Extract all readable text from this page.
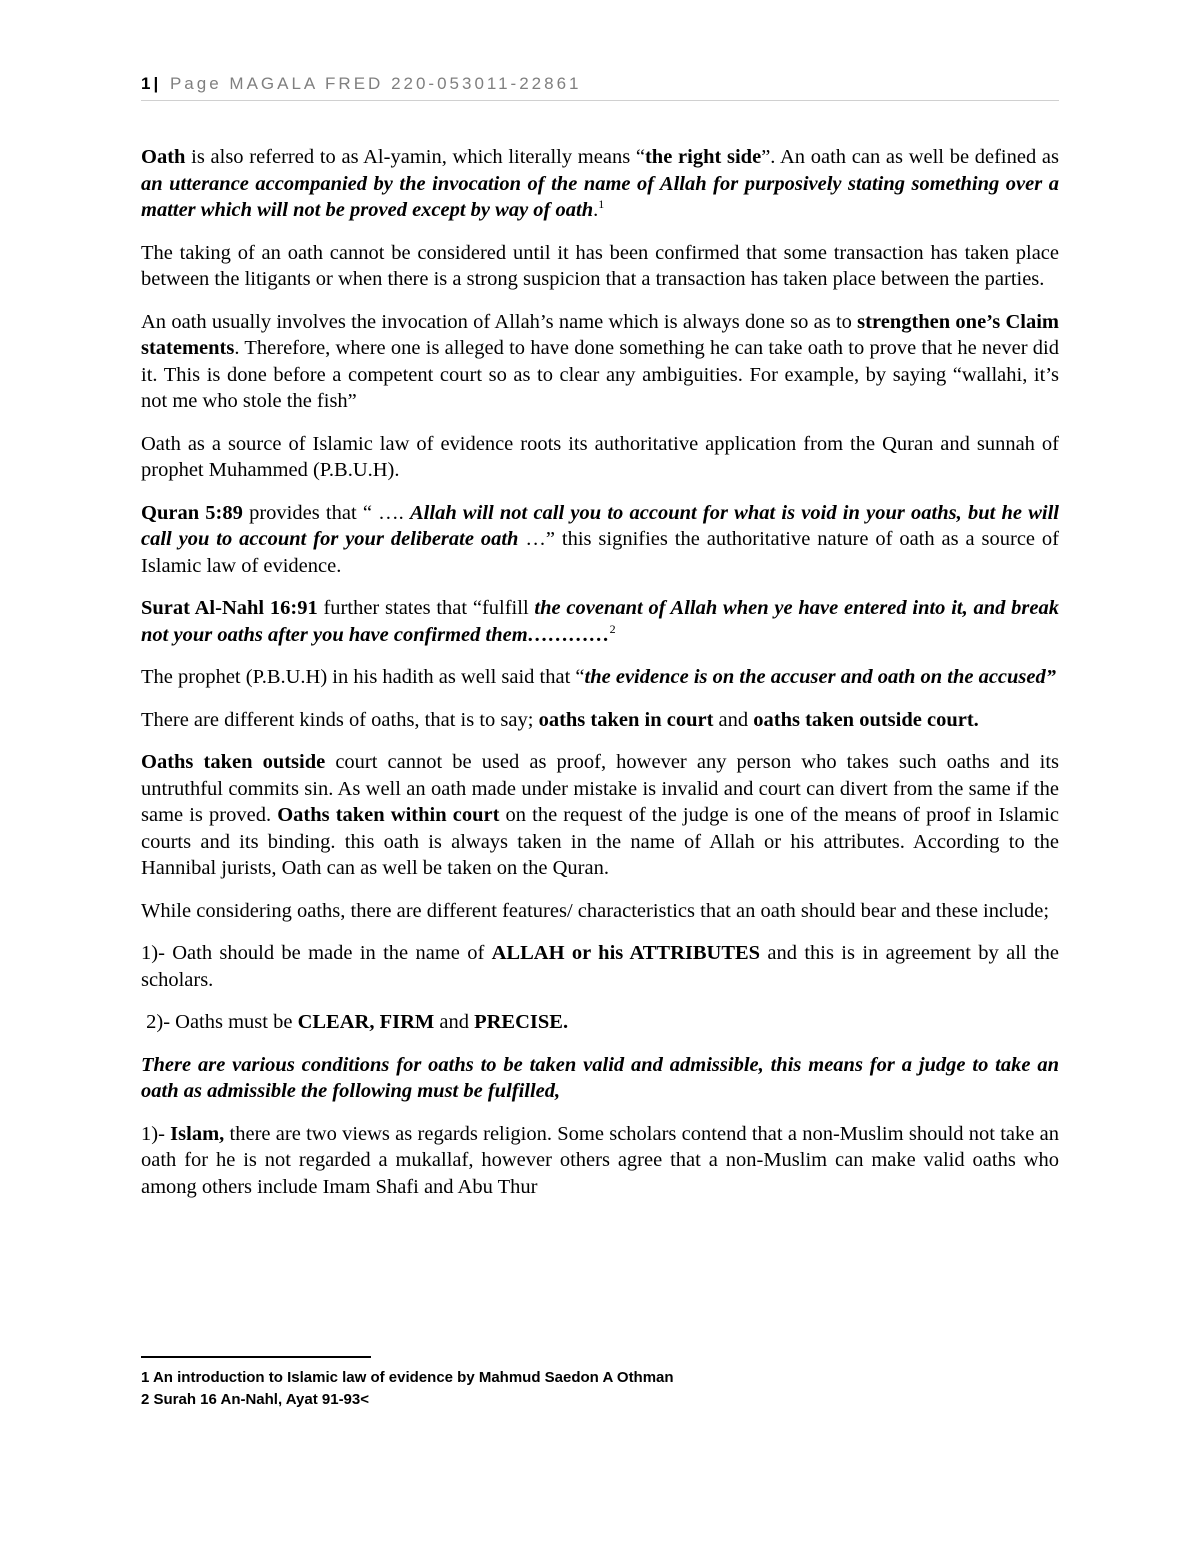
1 | Page MAGALA FRED 220-053011-22861

Oath is also referred to as Al-yamin, which literally means “the right side”. An oath can as well be defined as an utterance accompanied by the invocation of the name of Allah for purposively stating something over a matter which will not be proved except by way of oath.$^1$

The taking of an oath cannot be considered until it has been confirmed that some transaction has taken place between the litigants or when there is a strong suspicion that a transaction has taken place between the parties.

An oath usually involves the invocation of Allah’s name which is always done so as to strengthen one’s Claim statements. Therefore, where one is alleged to have done something he can take oath to prove that he never did it. This is done before a competent court so as to clear any ambiguities. For example, by saying “wallahi, it’s not me who stole the fish”

Oath as a source of Islamic law of evidence roots its authoritative application from the Quran and sunnah of prophet Muhammed (P.B.U.H).

Quran 5:89 provides that “ …. Allah will not call you to account for what is void in your oaths, but he will call you to account for your deliberate oath …” this signifies the authoritative nature of oath as a source of Islamic law of evidence.

Surat Al-Nahl 16:91 further states that “fulfill the covenant of Allah when ye have entered into it, and break not your oaths after you have confirmed them…………$^2$

The prophet (P.B.U.H) in his hadith as well said that “the evidence is on the accuser and oath on the accused”

There are different kinds of oaths, that is to say; oaths taken in court and oaths taken outside court.

Oaths taken outside court cannot be used as proof, however any person who takes such oaths and its untruthful commits sin. As well an oath made under mistake is invalid and court can divert from the same if the same is proved. Oaths taken within court on the request of the judge is one of the means of proof in Islamic courts and its binding. this oath is always taken in the name of Allah or his attributes. According to the Hannibal jurists, Oath can as well be taken on the Quran.

While considering oaths, there are different features/ characteristics that an oath should bear and these include;

1)- Oath should be made in the name of ALLAH or his ATTRIBUTES and this is in agreement by all the scholars.

2)- Oaths must be CLEAR, FIRM and PRECISE.

There are various conditions for oaths to be taken valid and admissible, this means for a judge to take an oath as admissible the following must be fulfilled,

1)- Islam, there are two views as regards religion. Some scholars contend that a non-Muslim should not take an oath for he is not regarded a mukallaf, however others agree that a non-Muslim can make valid oaths who among others include Imam Shafi and Abu Thur

1 An introduction to Islamic law of evidence by Mahmud Saedon A Othman
2 Surah 16 An-Nahl, Ayat 91-93<
